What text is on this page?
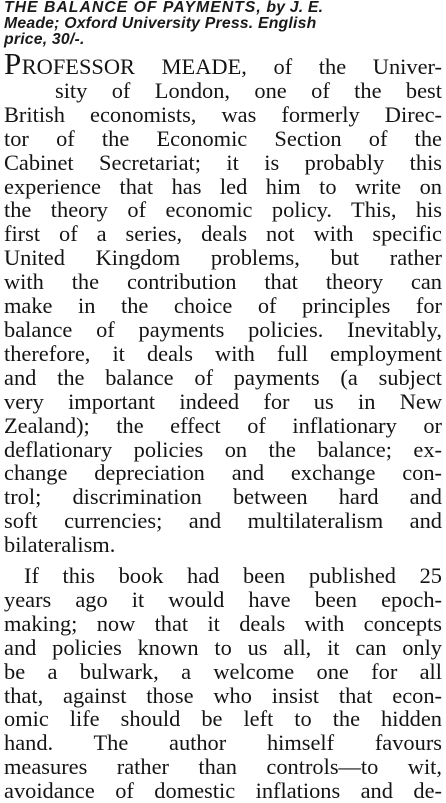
THE BALANCE OF PAYMENTS, by J. E.
Meade; Oxford University Press. English
price, 30/-.

PROFESSOR MEADE, of the Univer-
sity of London, one of the best
British economists, was formerly Direc-
tor of the Economic Section of the
Cabinet Secretariat; it is probably this
experience that has led him to write on
the theory of economic policy. This, his
first of a series, deals not with specific
United Kingdom problems, but rather
with the contribution that theory can
make in the choice of principles for
balance of payments policies. Inevitably,
therefore, it deals with full employment
and the balance of payments (a subject
very important indeed for us in New
Zealand); the effect of inflationary or
deflationary policies on the balance; ex-
change depreciation and exchange con-
trol; discrimination between hard and
soft currencies; and multilateralism and
bilateralism.
If this book had been published 25
years ago it would have been epoch-
making; now that it deals with concepts
and policies known to us all, it can only
be a bulwark, a welcome one for all
that, against those who insist that econ-
omic life should be left to the hidden
hand. The author himself favours
measures rather than controls—to wit,
avoidance of domestic inflations and de-
